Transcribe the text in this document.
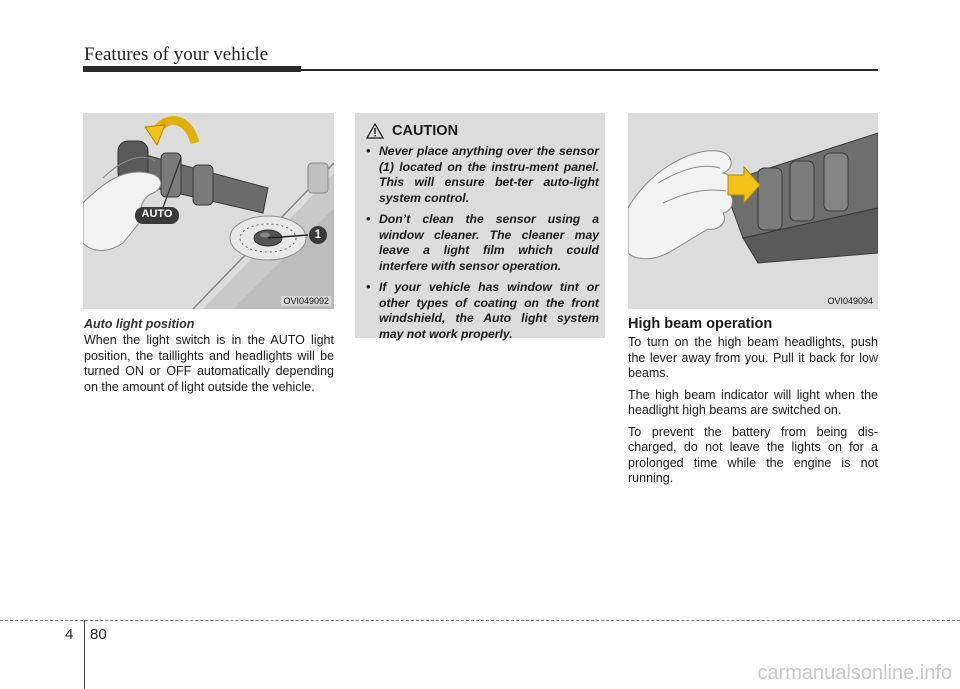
Features of your vehicle
AUTO
1
OVI049092
Auto light position
When the light switch is in the AUTO light position, the taillights and headlights will be turned ON or OFF automatically depending on the amount of light outside the vehicle.
CAUTION
• Never place anything over the sensor (1) located on the instru-ment panel. This will ensure bet-ter auto-light system control.
• Don’t clean the sensor using a window cleaner. The cleaner may leave a light film which could interfere with sensor operation.
• If your vehicle has window tint or other types of coating on the front windshield, the Auto light system may not work properly.
OVI049094
High beam operation

To turn on the high beam headlights, push the lever away from you. Pull it back for low beams.

The high beam indicator will light when the headlight high beams are switched on.

To prevent the battery from being dis-charged, do not leave the lights on for a prolonged time while the engine is not running.

4 80
carmanualsonline.info
